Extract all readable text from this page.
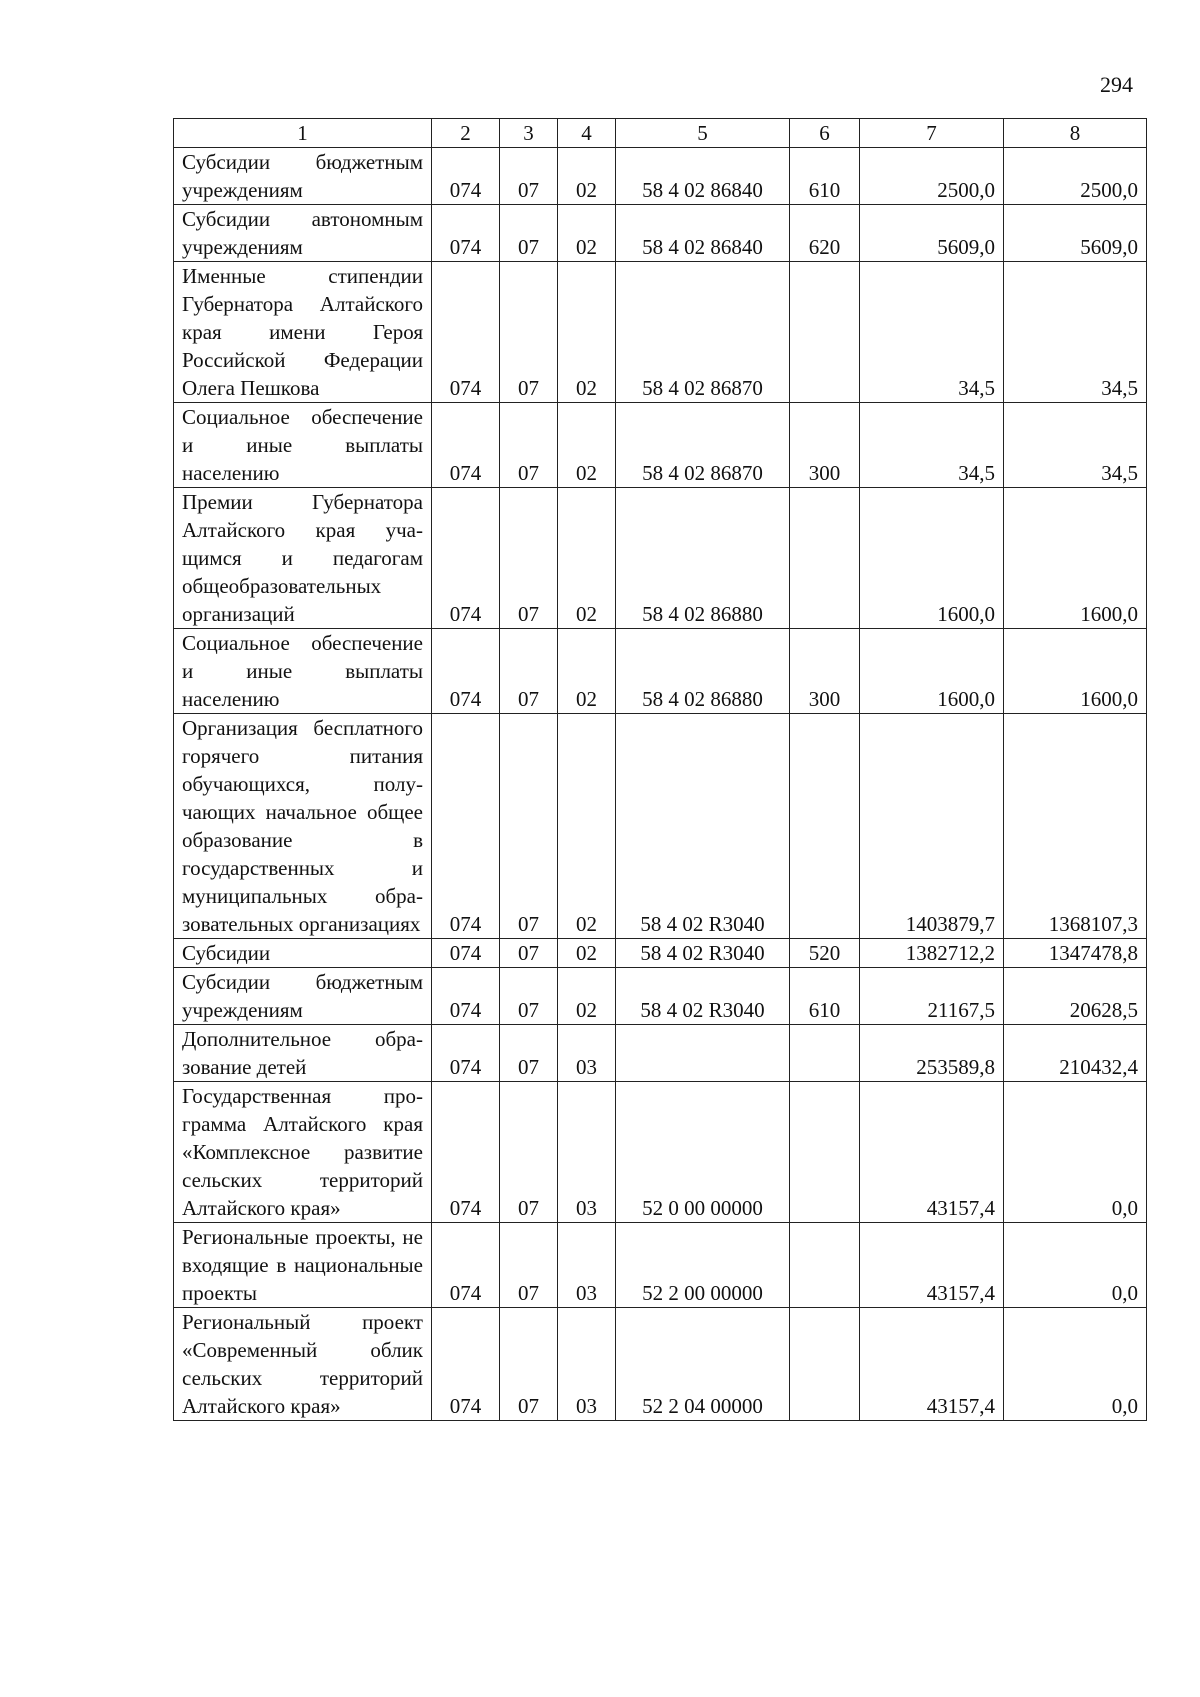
294
1	2	3	4	5	6	7	8
Субсидии бюджетным учреждениям	074	07	02	58 4 02 86840	610	2500,0	2500,0
Субсидии автономным учреждениям	074	07	02	58 4 02 86840	620	5609,0	5609,0
Именные стипендии Губернатора Алтайского края имени Героя Российской Федерации Олега Пешкова	074	07	02	58 4 02 86870		34,5	34,5
Социальное обеспечение и иные выплаты населению	074	07	02	58 4 02 86870	300	34,5	34,5
Премии Губернатора Алтайского края учащимся и педагогам общеобразовательных организаций	074	07	02	58 4 02 86880		1600,0	1600,0
Социальное обеспечение и иные выплаты населению	074	07	02	58 4 02 86880	300	1600,0	1600,0
Организация бесплатного горячего питания обучающихся, получающих начальное общее образование в государственных и муниципальных образовательных организациях	074	07	02	58 4 02 R3040		1403879,7	1368107,3
Субсидии	074	07	02	58 4 02 R3040	520	1382712,2	1347478,8
Субсидии бюджетным учреждениям	074	07	02	58 4 02 R3040	610	21167,5	20628,5
Дополнительное образование детей	074	07	03			253589,8	210432,4
Государственная программа Алтайского края «Комплексное развитие сельских территорий Алтайского края»	074	07	03	52 0 00 00000		43157,4	0,0
Региональные проекты, не входящие в национальные проекты	074	07	03	52 2 00 00000		43157,4	0,0
Региональный проект «Современный облик сельских территорий Алтайского края»	074	07	03	52 2 04 00000		43157,4	0,0
